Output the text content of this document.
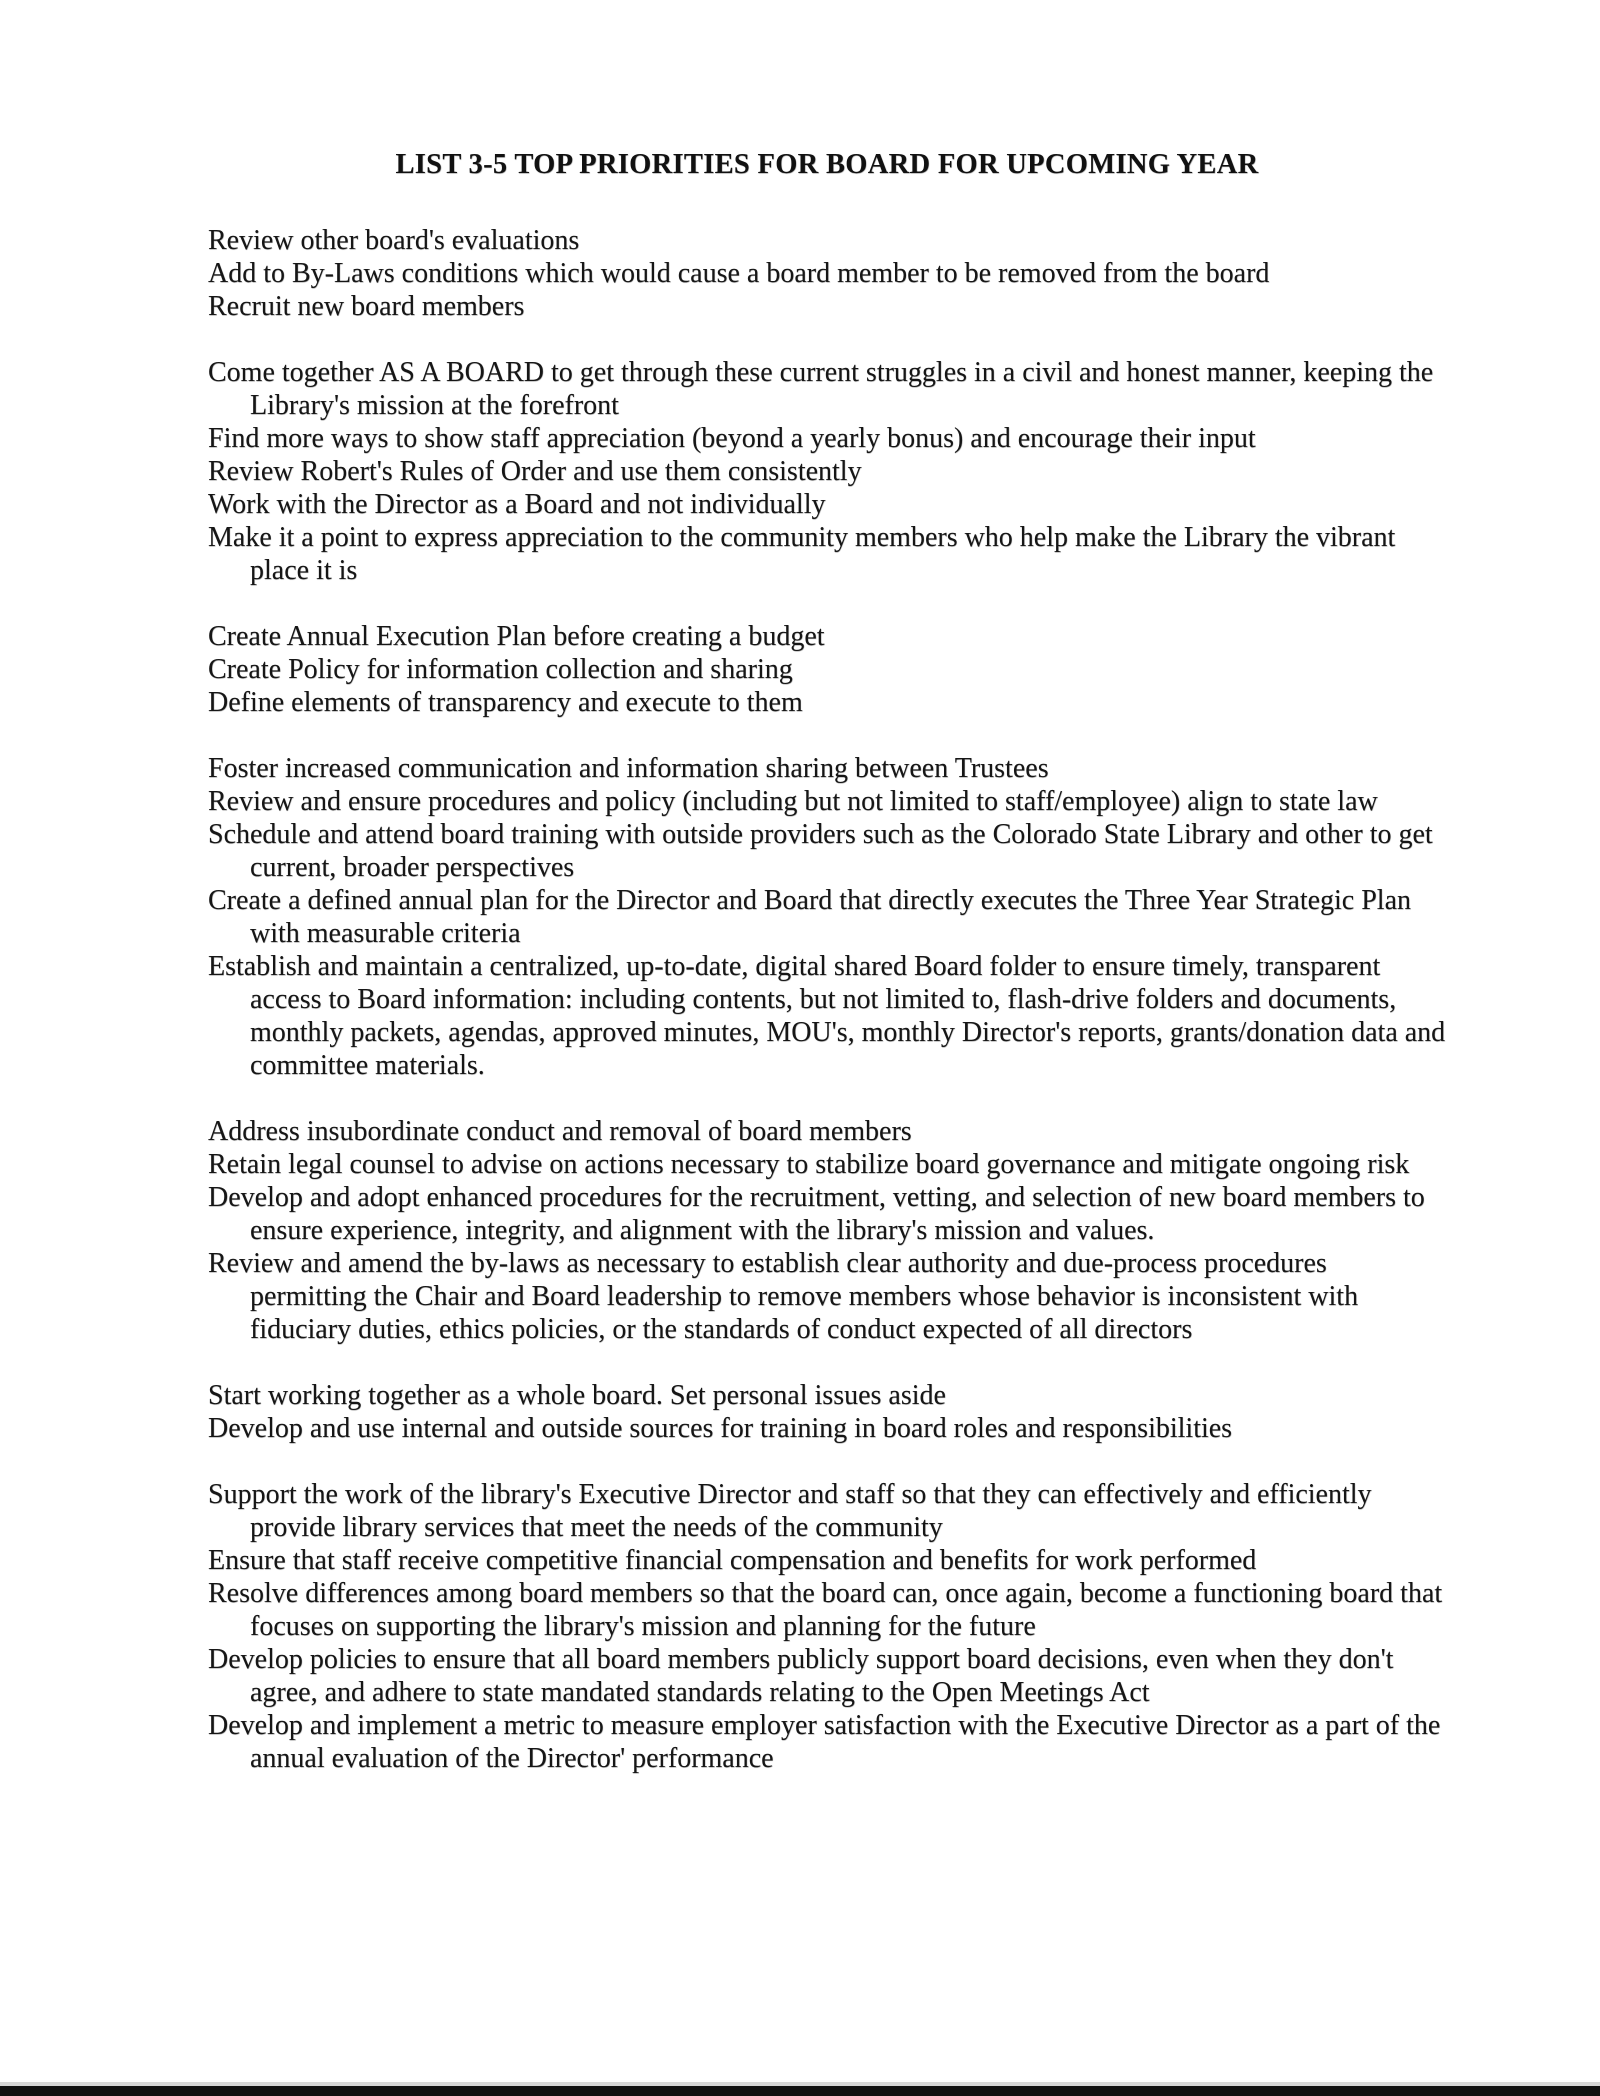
LIST 3-5 TOP PRIORITIES FOR BOARD FOR UPCOMING YEAR

Review other board's evaluations

Add to By-Laws conditions which would cause a board member to be removed from the board

Recruit new board members

Come together AS A BOARD to get through these current struggles in a civil and honest manner, keeping the Library's mission at the forefront

Find more ways to show staff appreciation (beyond a yearly bonus) and encourage their input

Review Robert's Rules of Order and use them consistently

Work with the Director as a Board and not individually

Make it a point to express appreciation to the community members who help make the Library the vibrant place it is

Create Annual Execution Plan before creating a budget

Create Policy for information collection and sharing

Define elements of transparency and execute to them

Foster increased communication and information sharing between Trustees

Review and ensure procedures and policy (including but not limited to staff/employee) align to state law

Schedule and attend board training with outside providers such as the Colorado State Library and other to get current, broader perspectives

Create a defined annual plan for the Director and Board that directly executes the Three Year Strategic Plan with measurable criteria

Establish and maintain a centralized, up-to-date, digital shared Board folder to ensure timely, transparent access to Board information: including contents, but not limited to, flash-drive folders and documents, monthly packets, agendas, approved minutes, MOU's, monthly Director's reports, grants/donation data and committee materials.

Address insubordinate conduct and removal of board members

Retain legal counsel to advise on actions necessary to stabilize board governance and mitigate ongoing risk

Develop and adopt enhanced procedures for the recruitment, vetting, and selection of new board members to ensure experience, integrity, and alignment with the library's mission and values.

Review and amend the by-laws as necessary to establish clear authority and due-process procedures permitting the Chair and Board leadership to remove members whose behavior is inconsistent with fiduciary duties, ethics policies, or the standards of conduct expected of all directors

Start working together as a whole board. Set personal issues aside

Develop and use internal and outside sources for training in board roles and responsibilities

Support the work of the library's Executive Director and staff so that they can effectively and efficiently provide library services that meet the needs of the community

Ensure that staff receive competitive financial compensation and benefits for work performed

Resolve differences among board members so that the board can, once again, become a functioning board that focuses on supporting the library's mission and planning for the future

Develop policies to ensure that all board members publicly support board decisions, even when they don't agree, and adhere to state mandated standards relating to the Open Meetings Act

Develop and implement a metric to measure employer satisfaction with the Executive Director as a part of the annual evaluation of the Director' performance
